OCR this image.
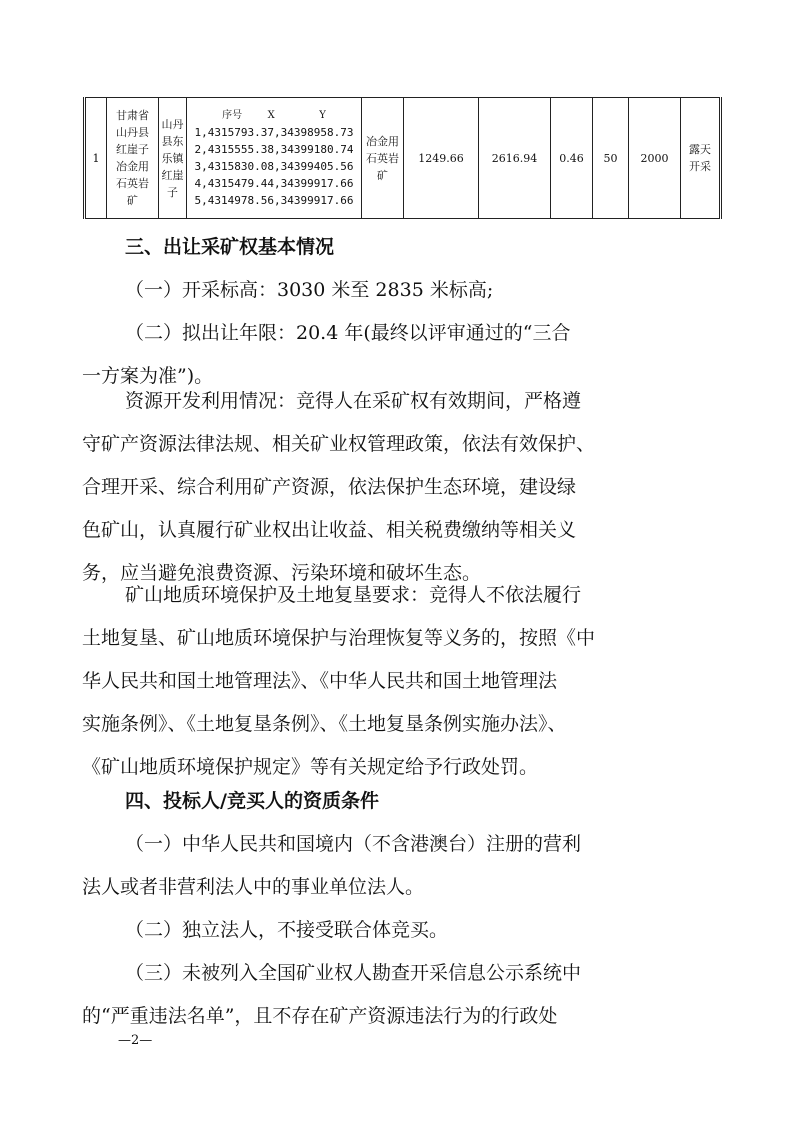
1	甘肃省山丹县红崖子冶金用石英岩矿	山丹县东乐镇红崖子	
序号        X              Y
1,4315793.37,34398958.73
2,4315555.38,34399180.74
3,4315830.08,34399405.56
4,4315479.44,34399917.66
5,4314978.56,34399917.66
	冶金用石英岩矿	1249.66	2616.94	0.46	50	2000	露天开采
三、出让采矿权基本情况
（一）开采标高：3030 米至 2835 米标高;
（二）拟出让年限：20.4 年(最终以评审通过的“三合
一方案为准”)。
资源开发利用情况：竞得人在采矿权有效期间，严格遵
守矿产资源法律法规、相关矿业权管理政策，依法有效保护、
合理开采、综合利用矿产资源，依法保护生态环境，建设绿
色矿山，认真履行矿业权出让收益、相关税费缴纳等相关义
务，应当避免浪费资源、污染环境和破坏生态。
矿山地质环境保护及土地复垦要求：竞得人不依法履行
土地复垦、矿山地质环境保护与治理恢复等义务的，按照《中
华人民共和国土地管理法》、《中华人民共和国土地管理法
实施条例》、《土地复垦条例》、《土地复垦条例实施办法》、
《矿山地质环境保护规定》等有关规定给予行政处罚。
四、投标人/竞买人的资质条件
（一）中华人民共和国境内（不含港澳台）注册的营利
法人或者非营利法人中的事业单位法人。
（二）独立法人，不接受联合体竞买。
（三）未被列入全国矿业权人勘查开采信息公示系统中
的“严重违法名单”，且不存在矿产资源违法行为的行政处
—2—
